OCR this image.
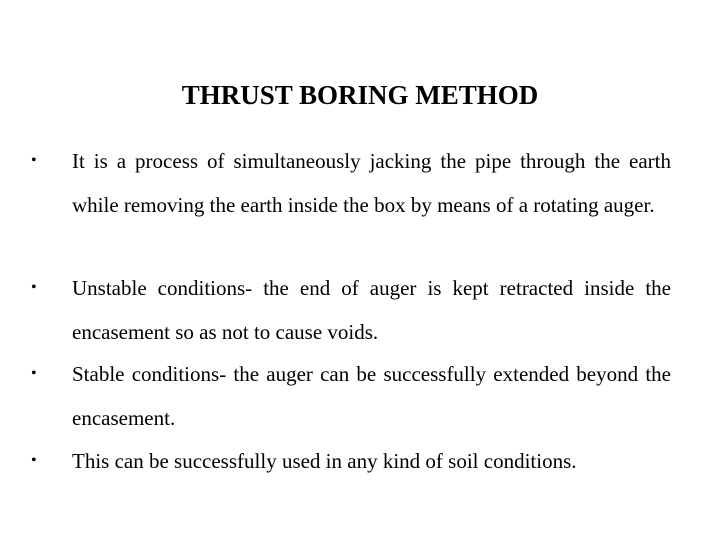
THRUST BORING METHOD
•	It is a process of simultaneously jacking the pipe through the earth while removing the earth inside the box by means of a rotating auger.
•	Unstable conditions- the end of auger is kept retracted inside the encasement so as not to cause voids.
•	Stable conditions- the auger can be successfully extended beyond the encasement.
•	This can be successfully used in any kind of soil conditions.
